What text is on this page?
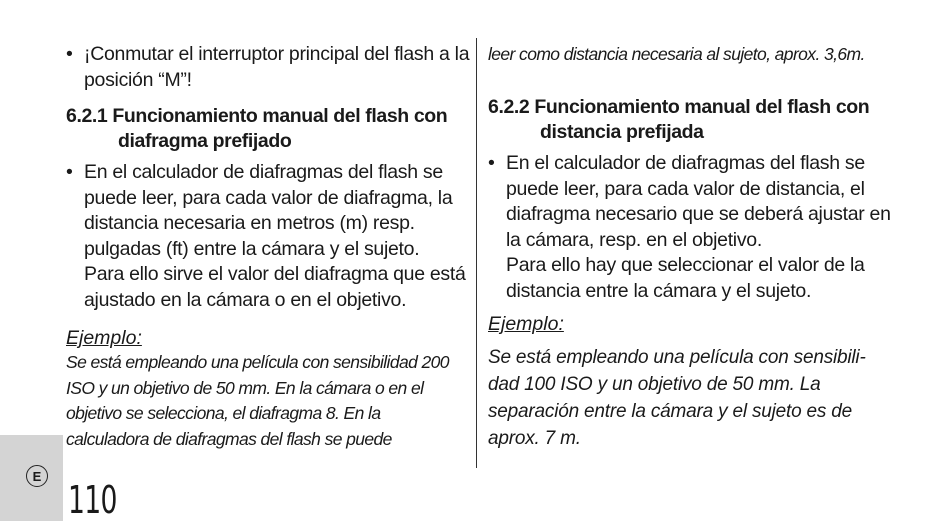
• ¡Conmutar el interruptor principal del flash a la posición “M”!

6.2.1 Funcionamiento manual del flash con
diafragma prefijado

• En el calculador de diafragmas del flash se puede leer, para cada valor de diafragma, la distancia necesaria en metros (m) resp. pulgadas (ft) entre la cámara y el sujeto.

Para ello sirve el valor del diafragma que está ajustado en la cámara o en el objetivo.

Ejemplo:
Se está empleando una película con sensibilidad 200 ISO y un objetivo de 50 mm. En la cámara o en el objetivo se selecciona, el diafragma 8. En la calculadora de diafragmas del flash se puede
leer como distancia necesaria al sujeto, aprox. 3,6m.
6.2.2 Funcionamiento manual del flash con
distancia prefijada

• En el calculador de diafragmas del flash se puede leer, para cada valor de distancia, el diafragma necesario que se deberá ajustar en la cámara, resp. en el objetivo.

Para ello hay que seleccionar el valor de la distancia entre la cámara y el sujeto.

Ejemplo:
Se está empleando una película con sensibili-dad 100 ISO y un objetivo de 50 mm. La separación entre la cámara y el sujeto es de aprox. 7 m.
E
110
